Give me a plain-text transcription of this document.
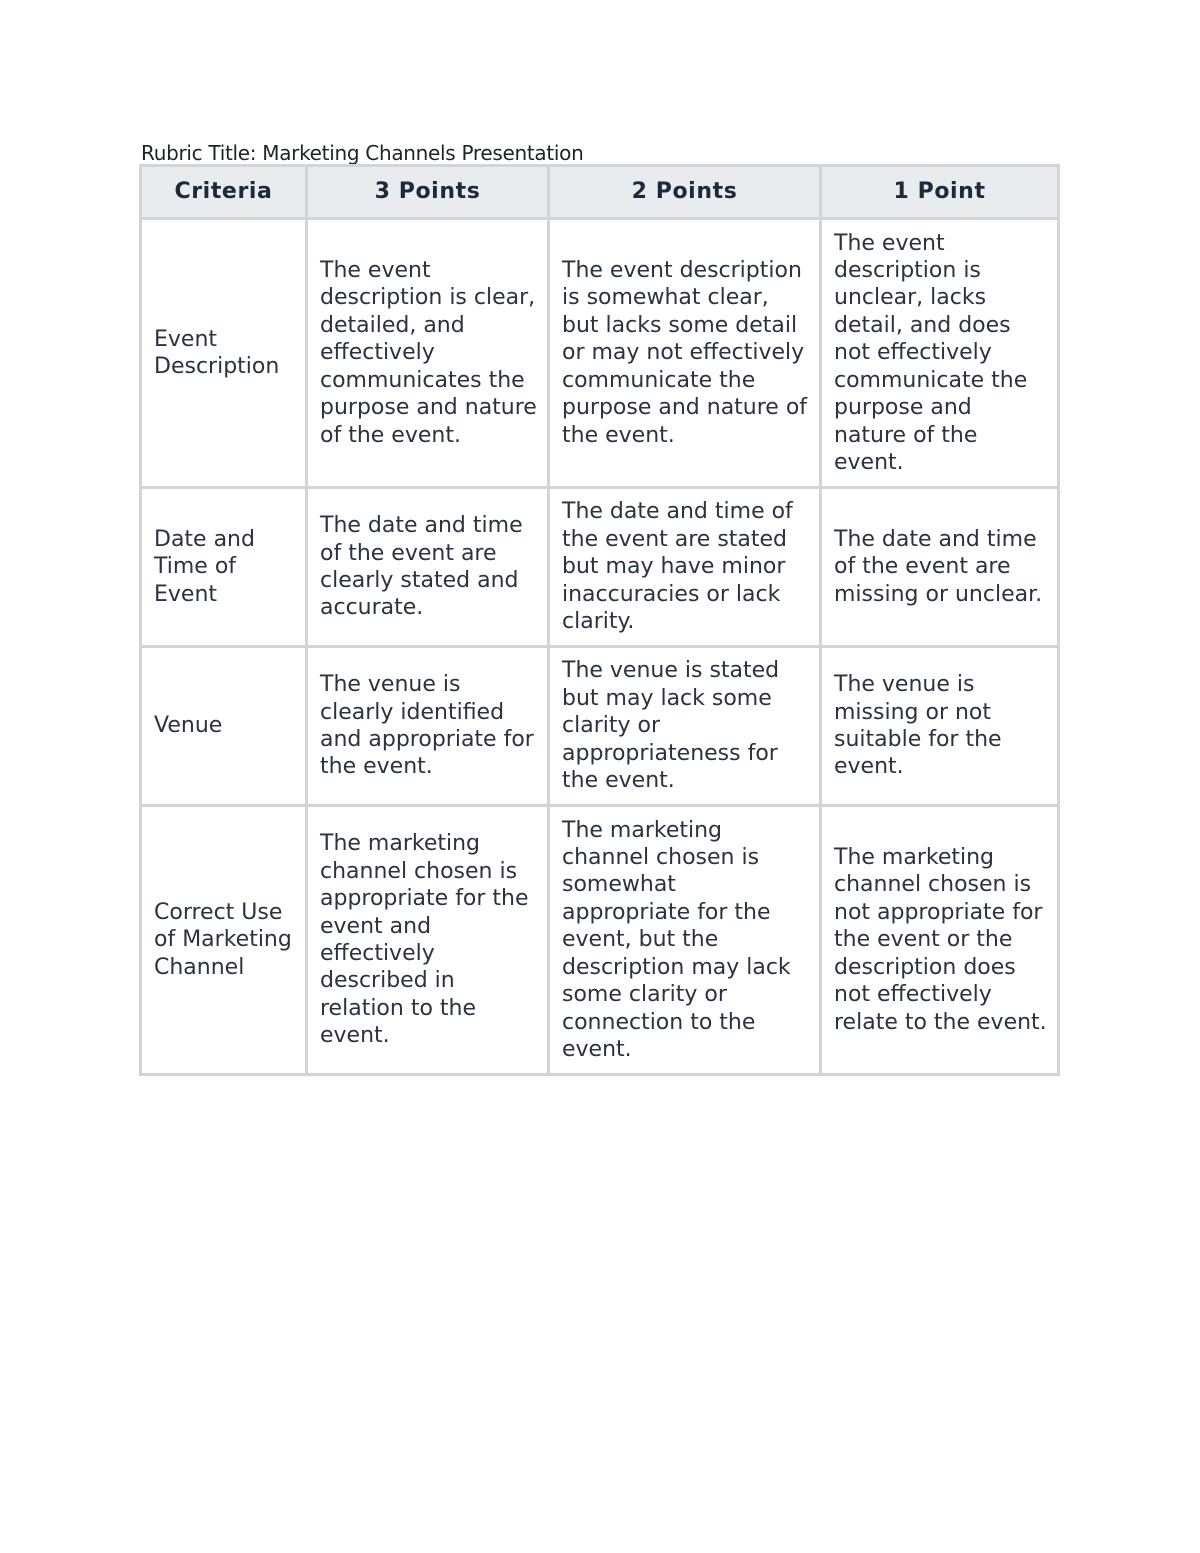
Rubric Title: Marketing Channels Presentation
Criteria	3 Points	2 Points	1 Point
Event Description	The event description is clear, detailed, and effectively communicates the purpose and nature of the event.	The event description is somewhat clear, but lacks some detail or may not effectively communicate the purpose and nature of the event.	The event description is unclear, lacks detail, and does not effectively communicate the purpose and nature of the event.
Date and Time of Event	The date and time of the event are clearly stated and accurate.	The date and time of the event are stated but may have minor inaccuracies or lack clarity.	The date and time of the event are missing or unclear.
Venue	The venue is clearly identified and appropriate for the event.	The venue is stated but may lack some clarity or appropriateness for the event.	The venue is missing or not suitable for the event.
Correct Use of Marketing Channel	The marketing channel chosen is appropriate for the event and effectively described in relation to the event.	The marketing channel chosen is somewhat appropriate for the event, but the description may lack some clarity or connection to the event.	The marketing channel chosen is not appropriate for the event or the description does not effectively relate to the event.
